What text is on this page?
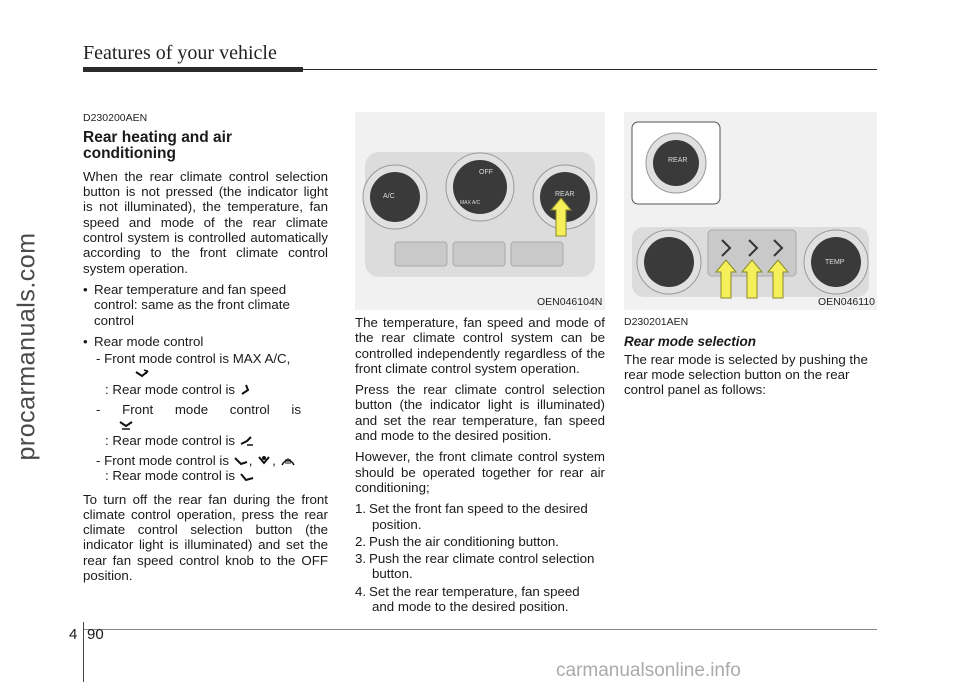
Features of your vehicle
procarmanuals.com
D230200AEN
Rear heating and air conditioning

When the rear climate control selection button is not pressed (the indicator light is not illuminated), the temperature, fan speed and mode of the rear climate control system is controlled automatically according to the front climate control system operation.

• Rear temperature and fan speed control: same as the front climate control
• Rear mode control
- Front mode control is MAX A/C,
: Rear mode control is
- Front mode control is
: Rear mode control is
- Front mode control is , ,
: Rear mode control is

To turn off the rear fan during the front climate control operation, press the rear climate control selection button (the indicator light is illuminated) and set the rear fan speed control knob to the OFF position.

A/C
OFF
MAX A/C
REAR
OEN046104N
REAR
TEMP
OEN046110

The temperature, fan speed and mode of the rear climate control system can be controlled independently regardless of the front climate control system operation.

Press the rear climate control selection button (the indicator light is illuminated) and set the rear temperature, fan speed and mode to the desired position.

However, the front climate control system should be operated together for rear air conditioning;

1. Set the front fan speed to the desired
position.
2. Push the air conditioning button.
3. Push the rear climate control selection
button.
4. Set the rear temperature, fan speed
and mode to the desired position.
D230201AEN
Rear mode selection

The rear mode is selected by pushing the rear mode selection button on the rear control panel as follows:

4 90
carmanualsonline.info
